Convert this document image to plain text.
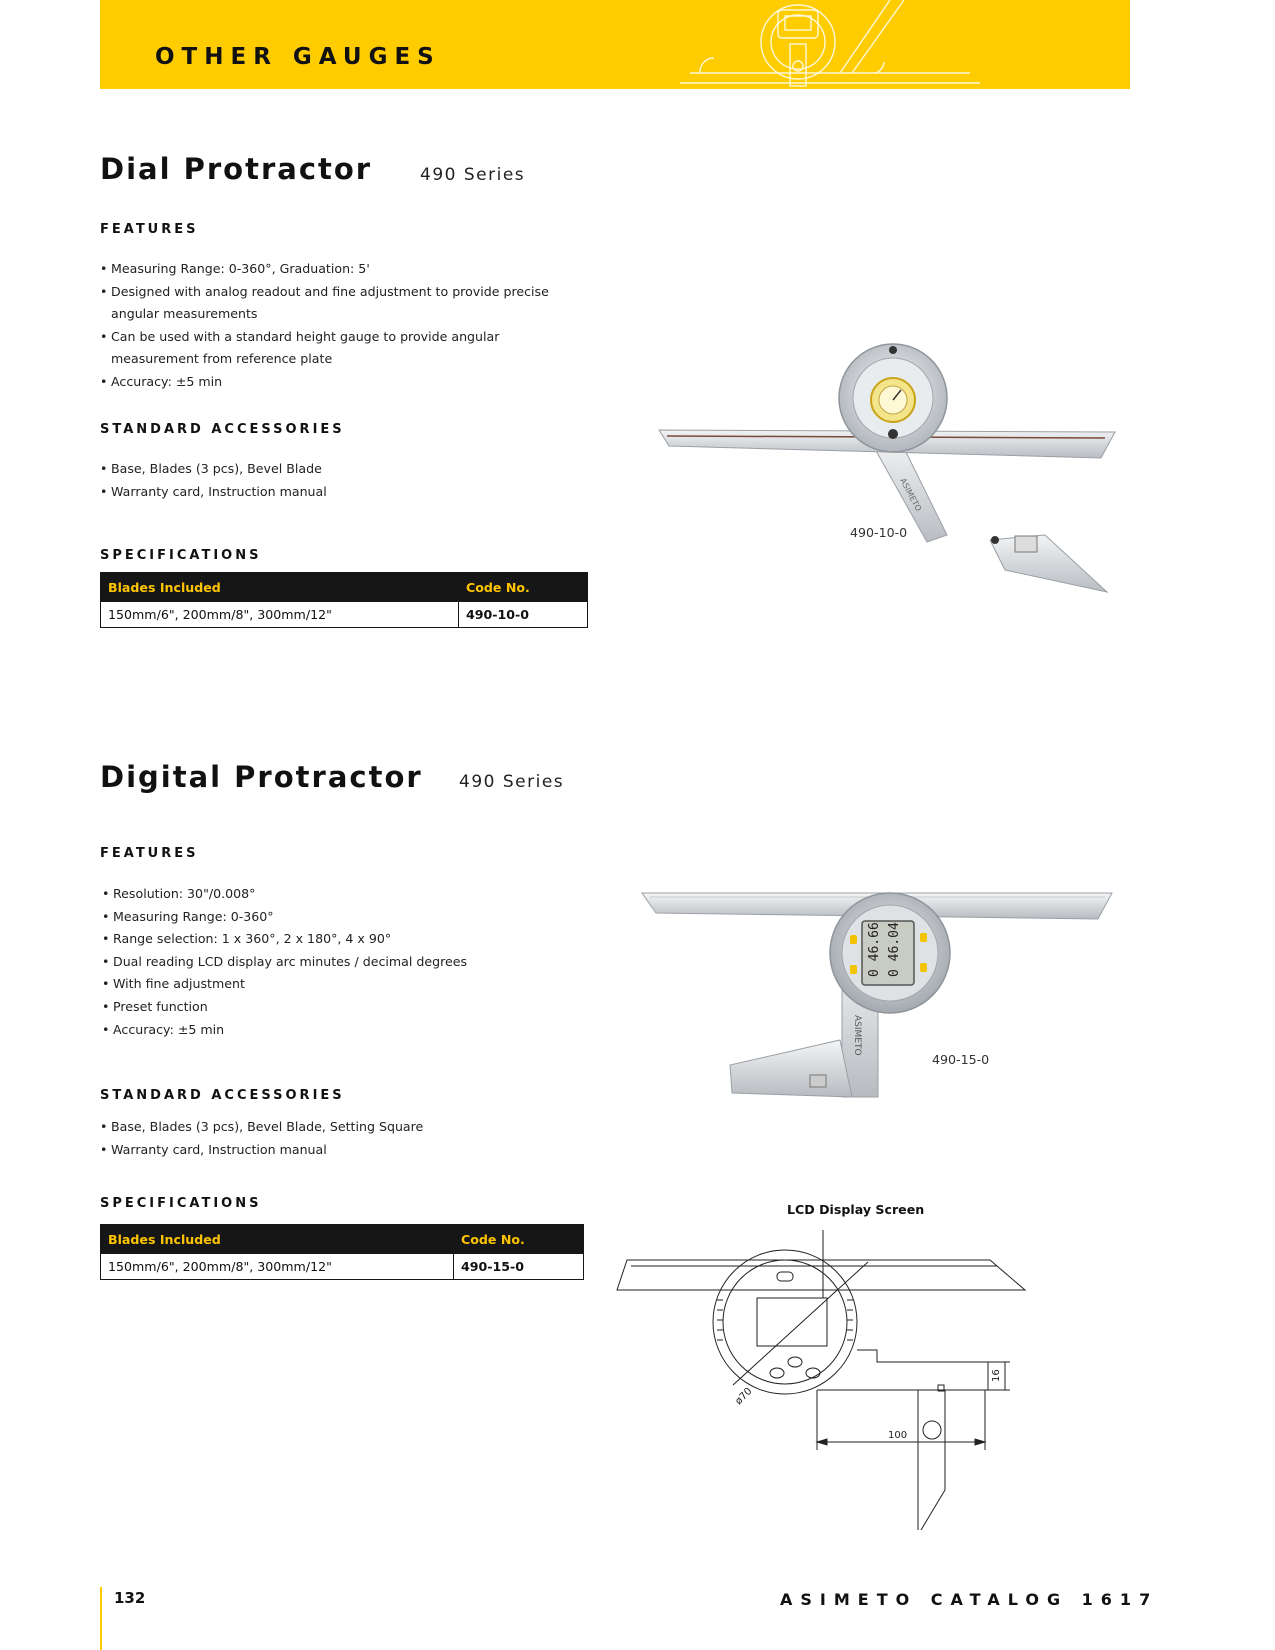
OTHER GAUGES
Dial Protractor	490 Series
FEATURES
• Measuring Range: 0-360°, Graduation: 5'
• Designed with analog readout and fine adjustment to provide precise angular measurements
• Can be used with a standard height gauge to provide angular measurement from reference plate
• Accuracy: ±5 min
STANDARD ACCESSORIES
• Base, Blades (3 pcs), Bevel Blade
• Warranty card, Instruction manual
SPECIFICATIONS
Blades Included	Code No.
150mm/6", 200mm/8", 300mm/12"	490-10-0
ASIMETO
490-10-0
Digital Protractor 490 Series
FEATURES
• Resolution: 30"/0.008°
• Measuring Range: 0-360°
• Range selection: 1 x 360°, 2 x 180°, 4 x 90°
• Dual reading LCD display arc minutes / decimal degrees
• With fine adjustment
• Preset function
• Accuracy: ±5 min
STANDARD ACCESSORIES
• Base, Blades (3 pcs), Bevel Blade, Setting Square
• Warranty card, Instruction manual
SPECIFICATIONS
Blades Included	Code No.
150mm/6", 200mm/8", 300mm/12"	490-15-0
ASIMETO
0 46.66 0 46.04
490-15-0
LCD Display Screen
100
16
ø70
132	ASIMETO CATALOG 1617
